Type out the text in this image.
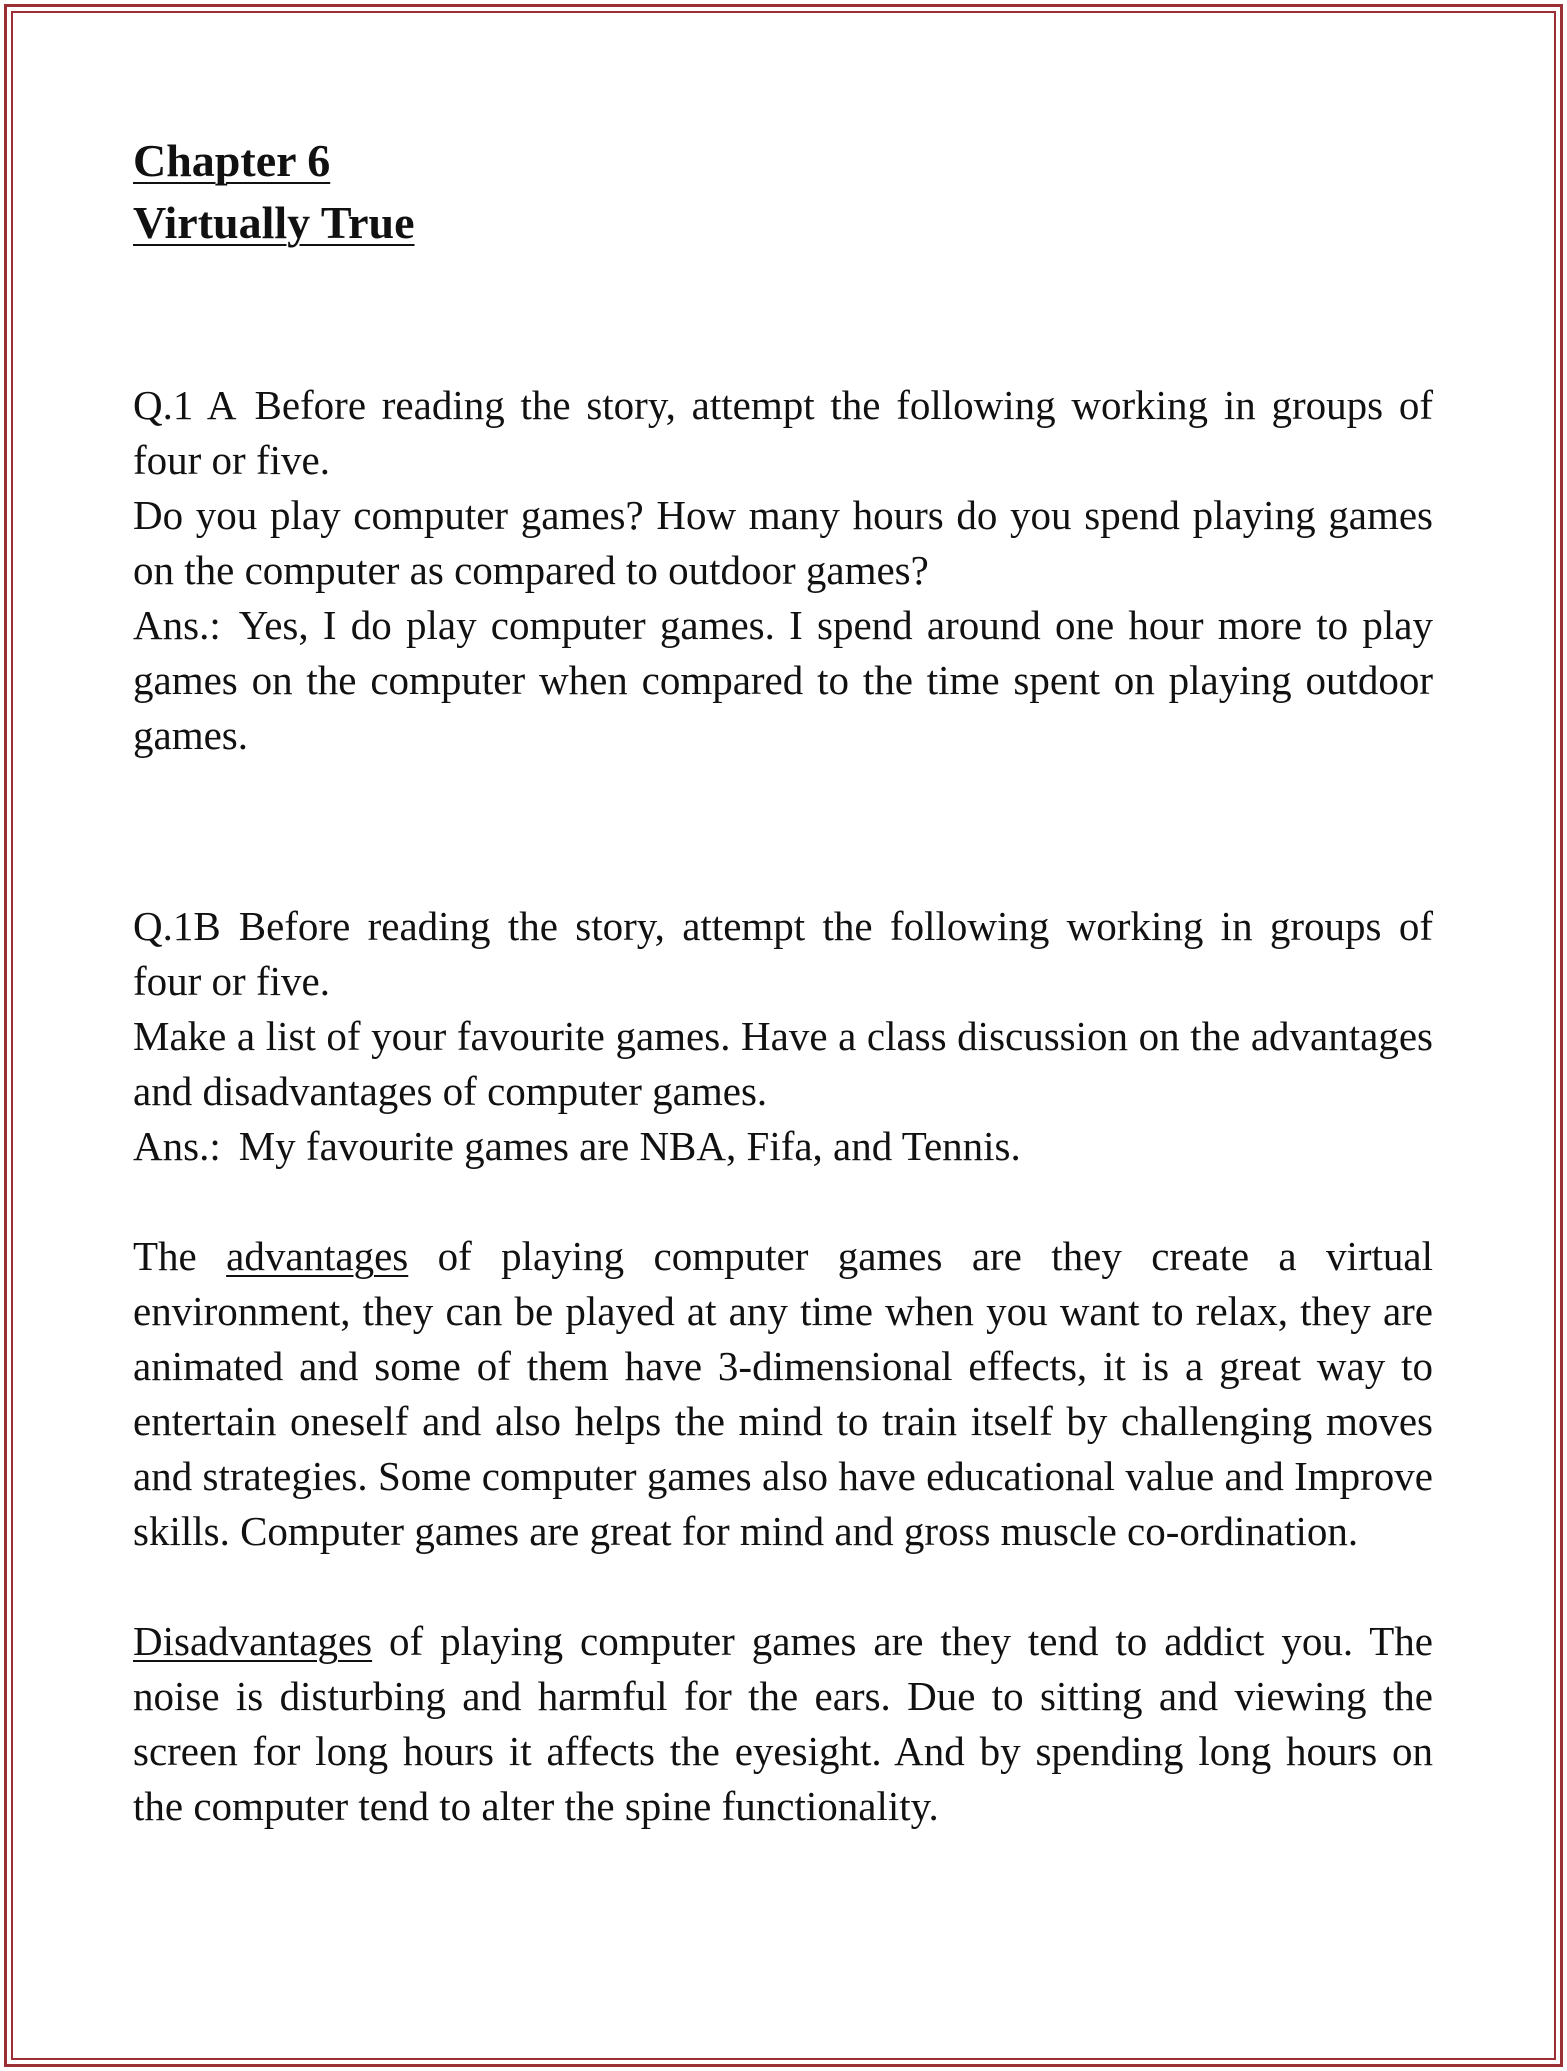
Chapter 6
Virtually True

Q.1 A Before reading the story, attempt the following working in groups of four or five.

Do you play computer games? How many hours do you spend playing games on the computer as compared to outdoor games?

Ans.: Yes, I do play computer games. I spend around one hour more to play games on the computer when compared to the time spent on playing outdoor games.

Q.1B Before reading the story, attempt the following working in groups of four or five.

Make a list of your favourite games. Have a class discussion on the advantages and disadvantages of computer games.

Ans.: My favourite games are NBA, Fifa, and Tennis.

The advantages of playing computer games are they create a virtual environment, they can be played at any time when you want to relax, they are animated and some of them have 3-dimensional effects, it is a great way to entertain oneself and also helps the mind to train itself by challenging moves and strategies. Some computer games also have educational value and Improve skills. Computer games are great for mind and gross muscle co-ordination.

Disadvantages of playing computer games are they tend to addict you. The noise is disturbing and harmful for the ears. Due to sitting and viewing the screen for long hours it affects the eyesight. And by spending long hours on the computer tend to alter the spine functionality.
